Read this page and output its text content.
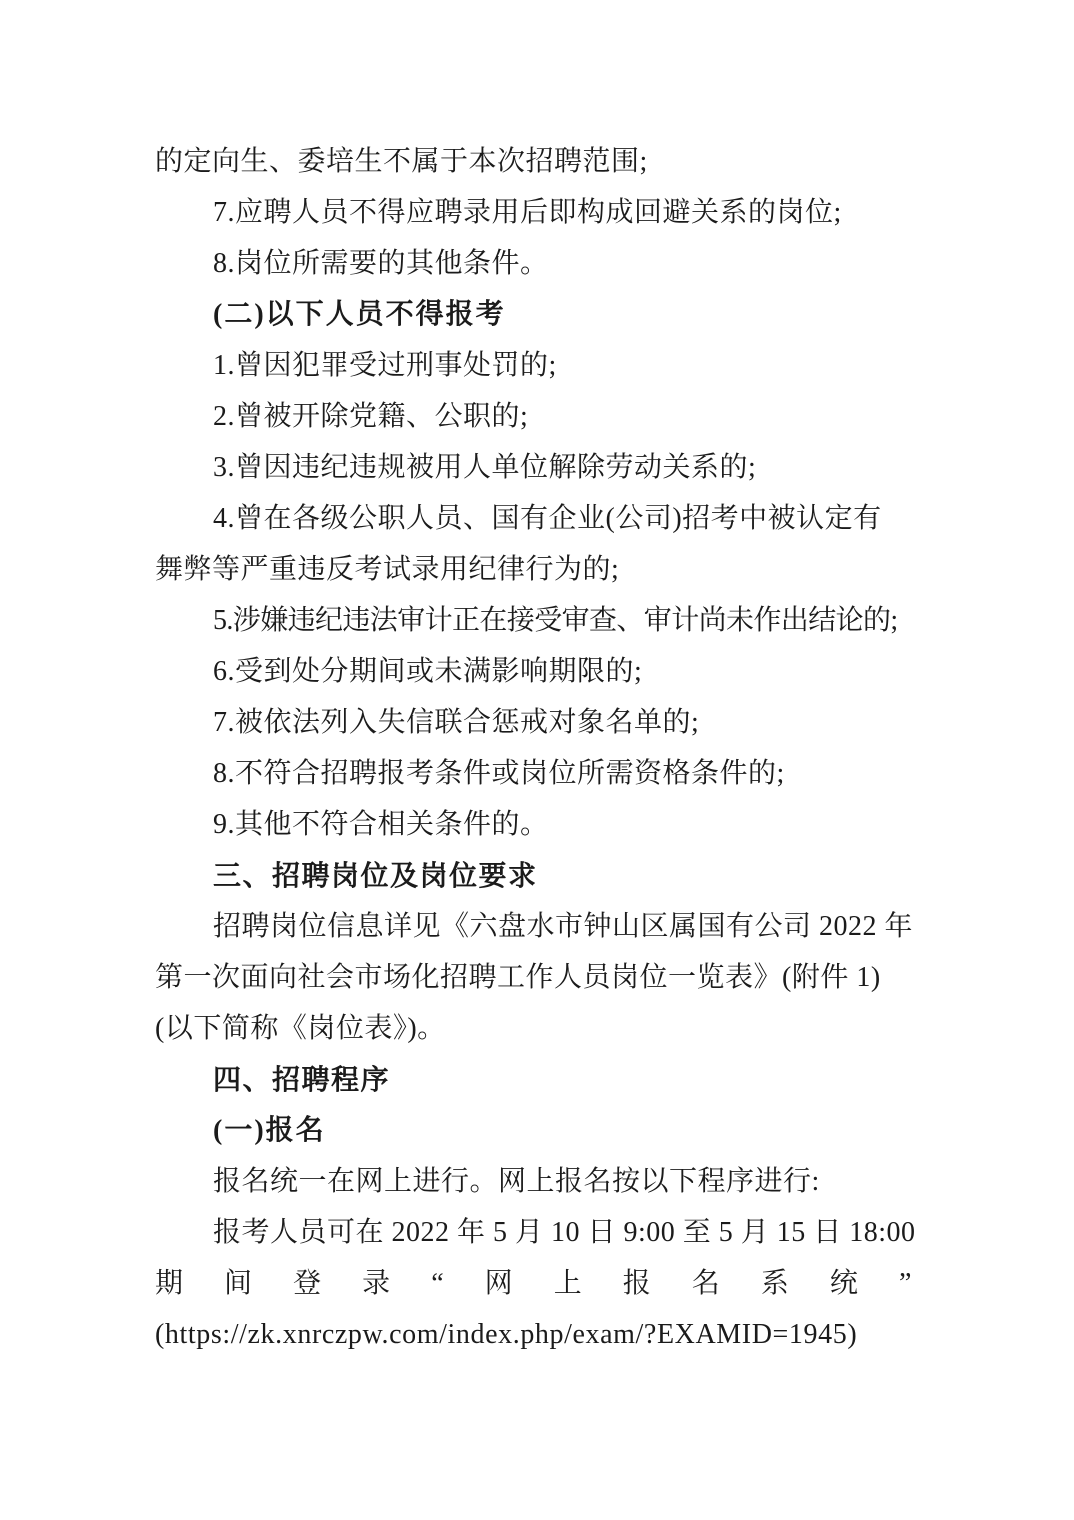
的定向生、委培生不属于本次招聘范围;
7.应聘人员不得应聘录用后即构成回避关系的岗位;
8.岗位所需要的其他条件。
(二)以下人员不得报考
1.曾因犯罪受过刑事处罚的;
2.曾被开除党籍、公职的;
3.曾因违纪违规被用人单位解除劳动关系的;
4.曾在各级公职人员、国有企业(公司)招考中被认定有
舞弊等严重违反考试录用纪律行为的;
5.涉嫌违纪违法审计正在接受审查、审计尚未作出结论的;
6.受到处分期间或未满影响期限的;
7.被依法列入失信联合惩戒对象名单的;
8.不符合招聘报考条件或岗位所需资格条件的;
9.其他不符合相关条件的。
三、招聘岗位及岗位要求
招聘岗位信息详见《六盘水市钟山区属国有公司 2022 年
第一次面向社会市场化招聘工作人员岗位一览表》(附件 1)
(以下简称《岗位表》)。
四、招聘程序
(一)报名
报名统一在网上进行。网上报名按以下程序进行:
报考人员可在 2022 年 5 月 10 日 9:00 至 5 月 15 日 18:00
期 间 登 录 “ 网 上 报 名 系 统 ”
(https://zk.xnrczpw.com/index.php/exam/?EXAMID=1945)
